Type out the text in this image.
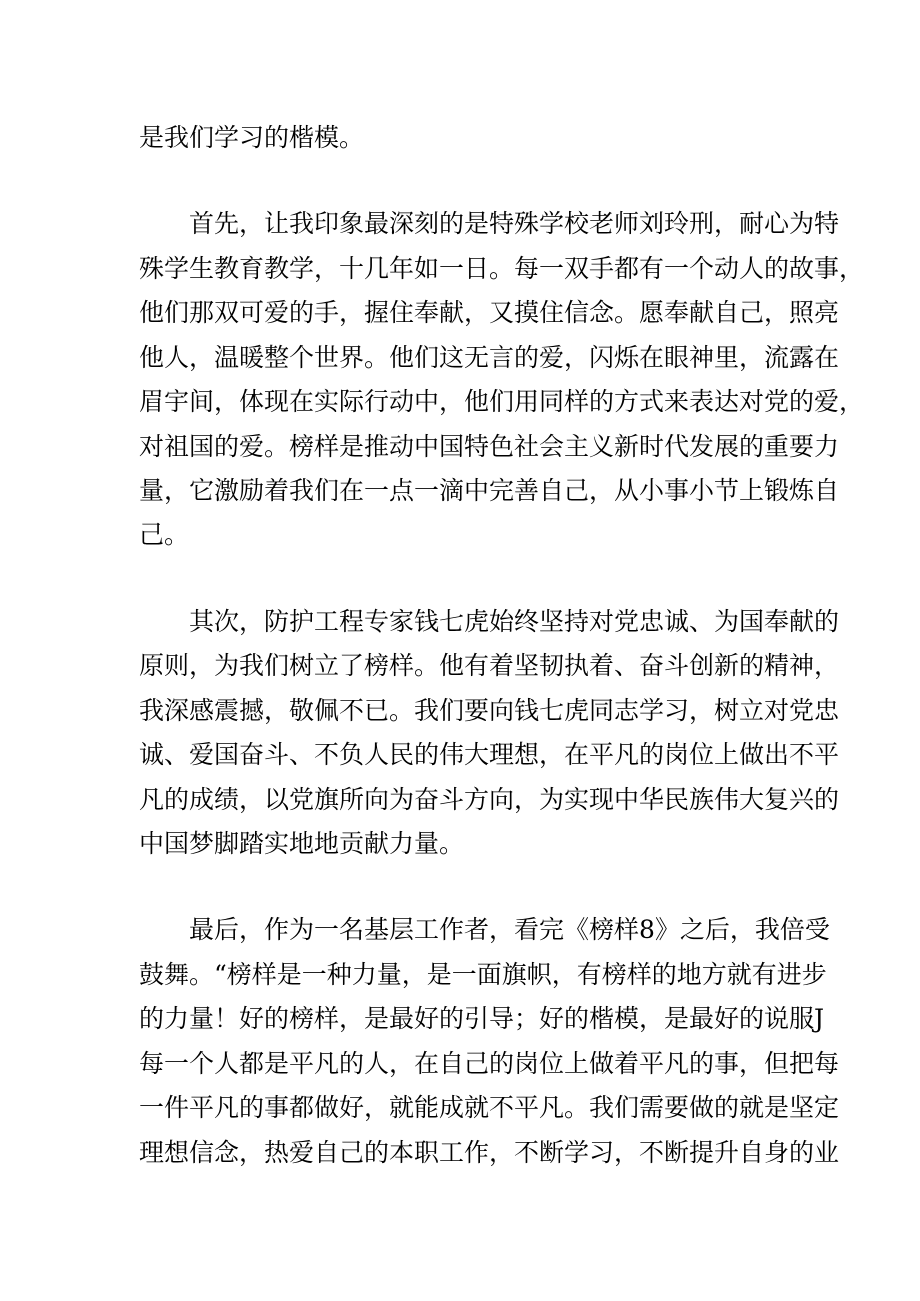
是我们学习的楷模。
首先，让我印象最深刻的是特殊学校老师刘玲刑，耐心为特
殊学生教育教学，十几年如一日。每一双手都有一个动人的故事，
他们那双可爱的手，握住奉献，又摸住信念。愿奉献自己，照亮
他人，温暖整个世界。他们这无言的爱，闪烁在眼神里，流露在
眉宇间，体现在实际行动中，他们用同样的方式来表达对党的爱，
对祖国的爱。榜样是推动中国特色社会主义新时代发展的重要力
量，它激励着我们在一点一滴中完善自己，从小事小节上锻炼自
己。
其次，防护工程专家钱七虎始终坚持对党忠诚、为国奉献的
原则，为我们树立了榜样。他有着坚韧执着、奋斗创新的精神，
我深感震撼，敬佩不已。我们要向钱七虎同志学习，树立对党忠
诚、爱国奋斗、不负人民的伟大理想，在平凡的岗位上做出不平
凡的成绩，以党旗所向为奋斗方向，为实现中华民族伟大复兴的
中国梦脚踏实地地贡献力量。
最后，作为一名基层工作者，看完《榜样8》之后，我倍受
鼓舞。“榜样是一种力量，是一面旗帜，有榜样的地方就有进步
的力量！好的榜样，是最好的引导；好的楷模，是最好的说服J
每一个人都是平凡的人，在自己的岗位上做着平凡的事，但把每
一件平凡的事都做好，就能成就不平凡。我们需要做的就是坚定
理想信念，热爱自己的本职工作，不断学习，不断提升自身的业
